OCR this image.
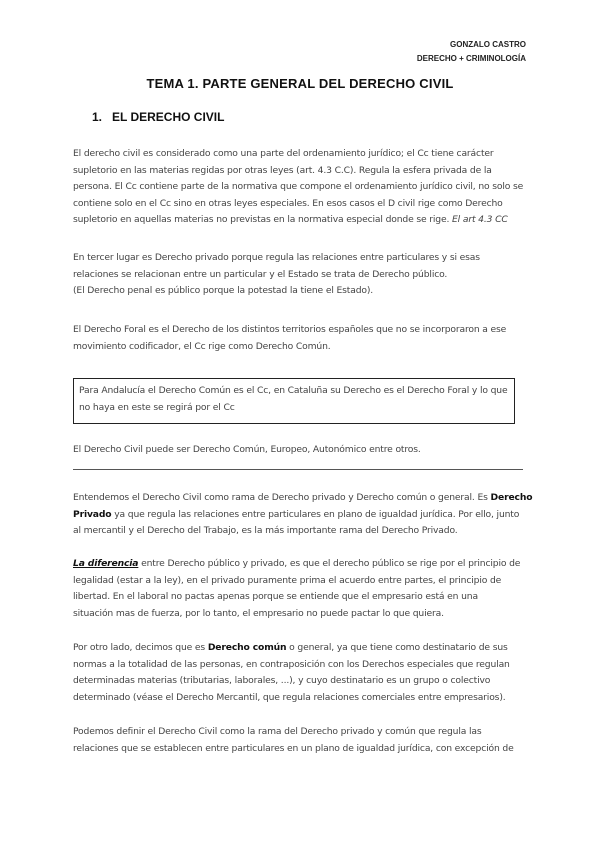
GONZALO CASTRO
DERECHO + CRIMINOLOGÍA
TEMA 1. PARTE GENERAL DEL DERECHO CIVIL
1. EL DERECHO CIVIL
El derecho civil es considerado como una parte del ordenamiento jurídico; el Cc tiene carácter
supletorio en las materias regidas por otras leyes (art. 4.3 C.C). Regula la esfera privada de la
persona. El Cc contiene parte de la normativa que compone el ordenamiento jurídico civil, no solo se
contiene solo en el Cc sino en otras leyes especiales. En esos casos el D civil rige como Derecho
supletorio en aquellas materias no previstas en la normativa especial donde se rige. El art 4.3 CC
En tercer lugar es Derecho privado porque regula las relaciones entre particulares y si esas
relaciones se relacionan entre un particular y el Estado se trata de Derecho público.
(El Derecho penal es público porque la potestad la tiene el Estado).
El Derecho Foral es el Derecho de los distintos territorios españoles que no se incorporaron a ese
movimiento codificador, el Cc rige como Derecho Común.
Para Andalucía el Derecho Común es el Cc, en Cataluña su Derecho es el Derecho Foral y lo que
no haya en este se regirá por el Cc
El Derecho Civil puede ser Derecho Común, Europeo, Autonómico entre otros.
Entendemos el Derecho Civil como rama de Derecho privado y Derecho común o general. Es Derecho
Privado ya que regula las relaciones entre particulares en plano de igualdad jurídica. Por ello, junto
al mercantil y el Derecho del Trabajo, es la más importante rama del Derecho Privado.
La diferencia entre Derecho público y privado, es que el derecho público se rige por el principio de
legalidad (estar a la ley), en el privado puramente prima el acuerdo entre partes, el principio de
libertad. En el laboral no pactas apenas porque se entiende que el empresario está en una
situación mas de fuerza, por lo tanto, el empresario no puede pactar lo que quiera.
Por otro lado, decimos que es Derecho común o general, ya que tiene como destinatario de sus
normas a la totalidad de las personas, en contraposición con los Derechos especiales que regulan
determinadas materias (tributarias, laborales, ...), y cuyo destinatario es un grupo o colectivo
determinado (véase el Derecho Mercantil, que regula relaciones comerciales entre empresarios).
Podemos definir el Derecho Civil como la rama del Derecho privado y común que regula las
relaciones que se establecen entre particulares en un plano de igualdad jurídica, con excepción de
